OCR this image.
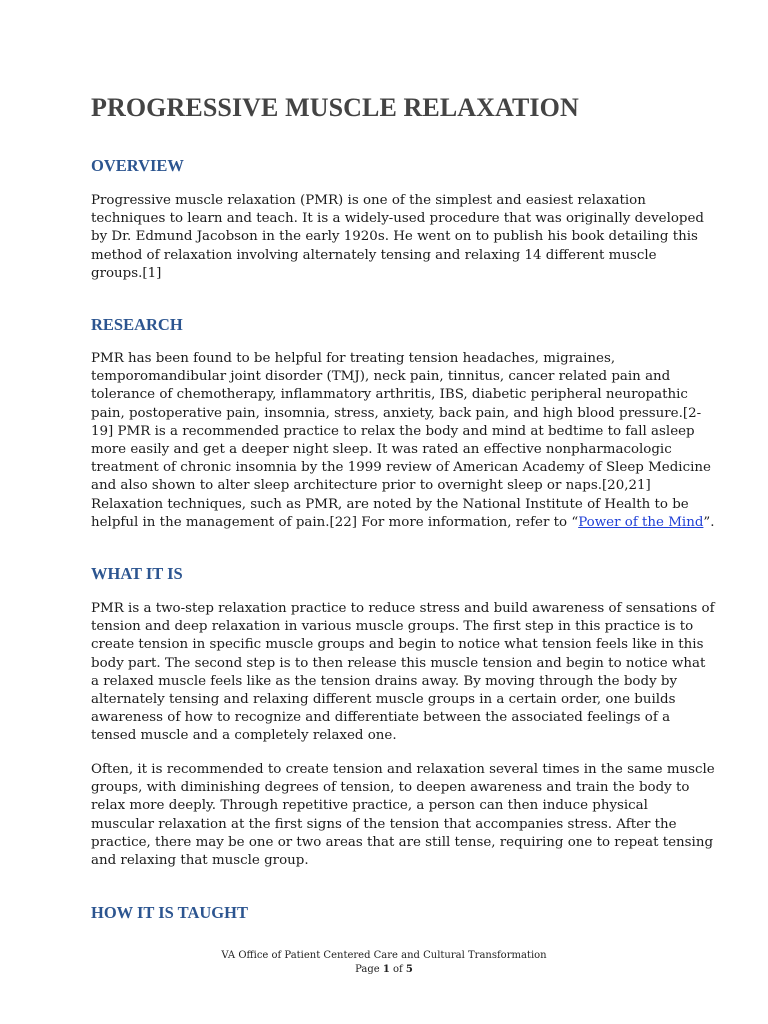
PROGRESSIVE MUSCLE RELAXATION
OVERVIEW

Progressive muscle relaxation (PMR) is one of the simplest and easiest relaxation
techniques to learn and teach. It is a widely-used procedure that was originally developed
by Dr. Edmund Jacobson in the early 1920s. He went on to publish his book detailing this
method of relaxation involving alternately tensing and relaxing 14 different muscle
groups.[1]

RESEARCH

PMR has been found to be helpful for treating tension headaches, migraines,
temporomandibular joint disorder (TMJ), neck pain, tinnitus, cancer related pain and
tolerance of chemotherapy, inflammatory arthritis, IBS, diabetic peripheral neuropathic
pain, postoperative pain, insomnia, stress, anxiety, back pain, and high blood pressure.[2-
19] PMR is a recommended practice to relax the body and mind at bedtime to fall asleep
more easily and get a deeper night sleep. It was rated an effective nonpharmacologic
treatment of chronic insomnia by the 1999 review of American Academy of Sleep Medicine
and also shown to alter sleep architecture prior to overnight sleep or naps.[20,21]
Relaxation techniques, such as PMR, are noted by the National Institute of Health to be
helpful in the management of pain.[22] For more information, refer to “Power of the Mind”.

WHAT IT IS

PMR is a two-step relaxation practice to reduce stress and build awareness of sensations of
tension and deep relaxation in various muscle groups. The first step in this practice is to
create tension in specific muscle groups and begin to notice what tension feels like in this
body part. The second step is to then release this muscle tension and begin to notice what
a relaxed muscle feels like as the tension drains away. By moving through the body by
alternately tensing and relaxing different muscle groups in a certain order, one builds
awareness of how to recognize and differentiate between the associated feelings of a
tensed muscle and a completely relaxed one.

Often, it is recommended to create tension and relaxation several times in the same muscle
groups, with diminishing degrees of tension, to deepen awareness and train the body to
relax more deeply. Through repetitive practice, a person can then induce physical
muscular relaxation at the first signs of the tension that accompanies stress. After the
practice, there may be one or two areas that are still tense, requiring one to repeat tensing
and relaxing that muscle group.

HOW IT IS TAUGHT
VA Office of Patient Centered Care and Cultural Transformation
Page 1 of 5
